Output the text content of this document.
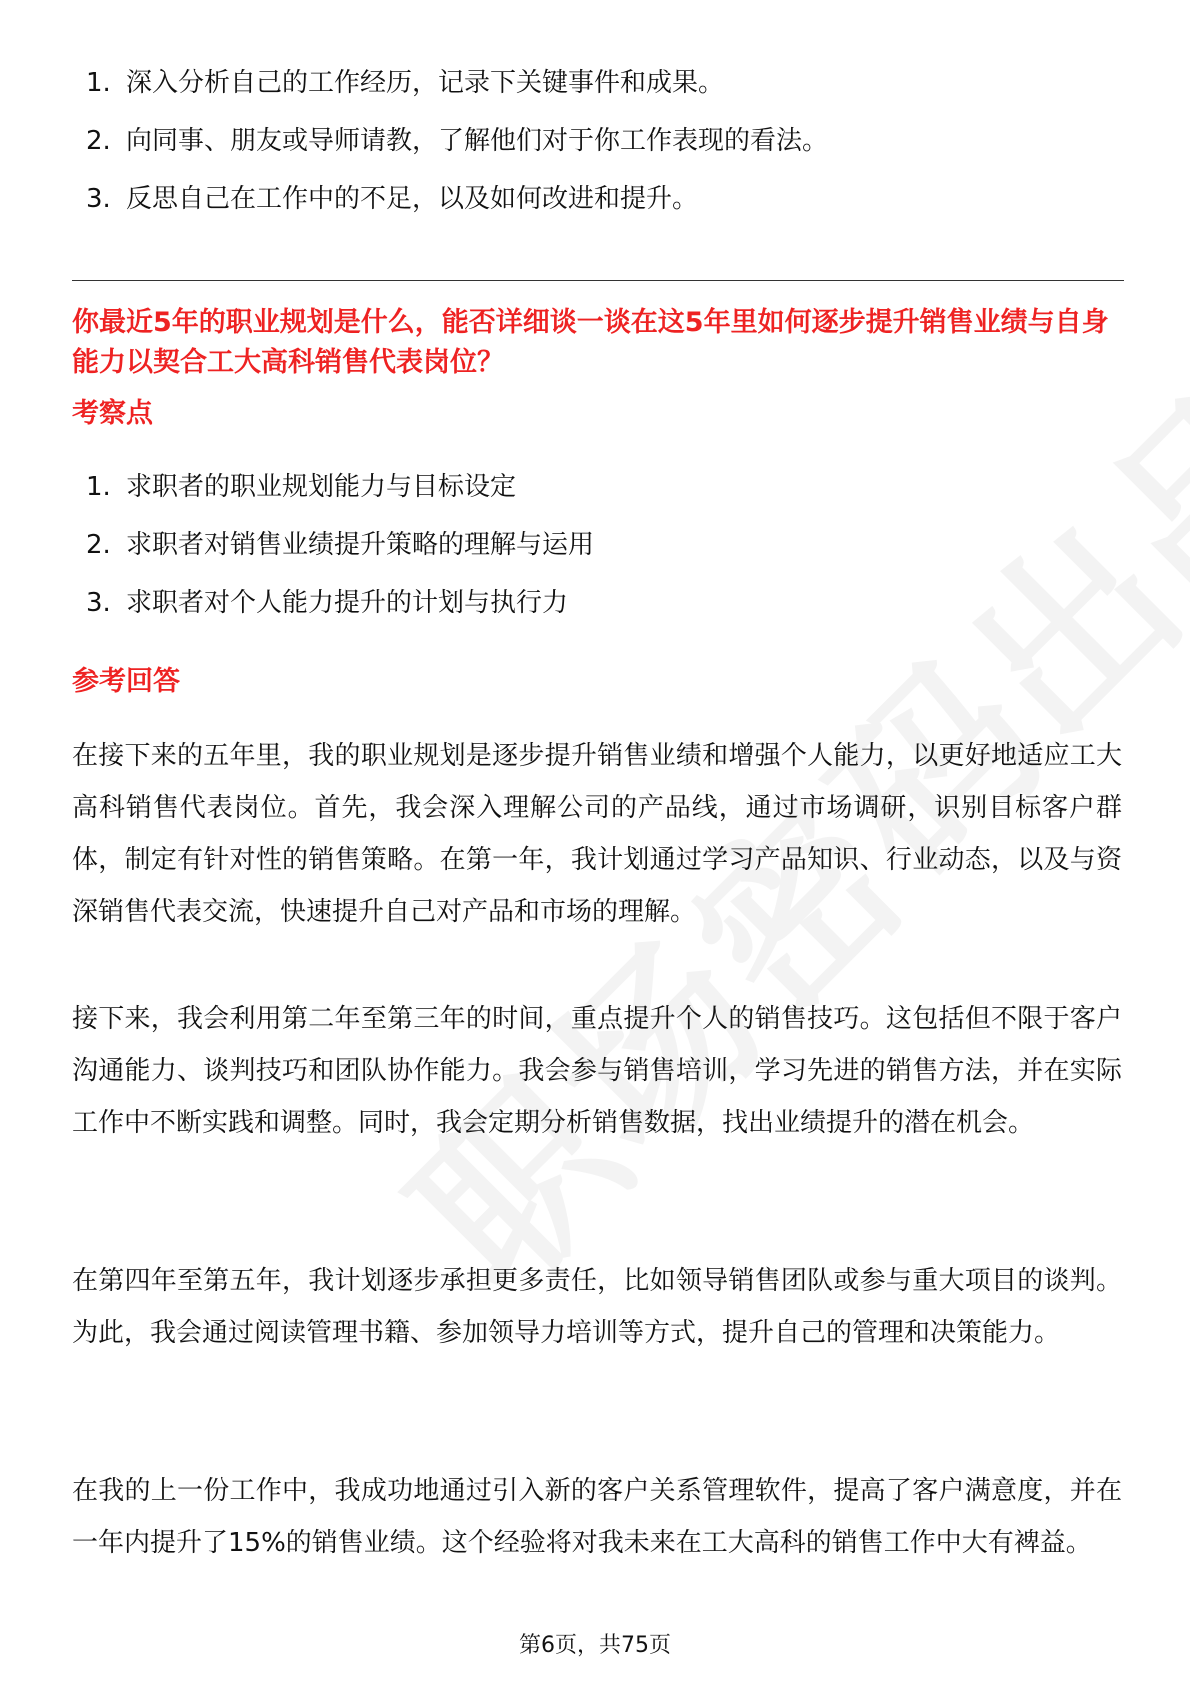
1. 深入分析自己的工作经历，记录下关键事件和成果。
2. 向同事、朋友或导师请教，了解他们对于你工作表现的看法。
3. 反思自己在工作中的不足，以及如何改进和提升。
你最近5年的职业规划是什么，能否详细谈一谈在这5年里如何逐步提升销售业绩与自身能力以契合工大高科销售代表岗位？
考察点
1. 求职者的职业规划能力与目标设定
2. 求职者对销售业绩提升策略的理解与运用
3. 求职者对个人能力提升的计划与执行力
参考回答

在接下来的五年里，我的职业规划是逐步提升销售业绩和增强个人能力，以更好地适应工大高科销售代表岗位。首先，我会深入理解公司的产品线，通过市场调研，识别目标客户群体，制定有针对性的销售策略。在第一年，我计划通过学习产品知识、行业动态，以及与资深销售代表交流，快速提升自己对产品和市场的理解。

接下来，我会利用第二年至第三年的时间，重点提升个人的销售技巧。这包括但不限于客户沟通能力、谈判技巧和团队协作能力。我会参与销售培训，学习先进的销售方法，并在实际工作中不断实践和调整。同时，我会定期分析销售数据，找出业绩提升的潜在机会。

在第四年至第五年，我计划逐步承担更多责任，比如领导销售团队或参与重大项目的谈判。为此，我会通过阅读管理书籍、参加领导力培训等方式，提升自己的管理和决策能力。

在我的上一份工作中，我成功地通过引入新的客户关系管理软件，提高了客户满意度，并在一年内提升了15%的销售业绩。这个经验将对我未来在工大高科的销售工作中大有裨益。

第6页，共75页
